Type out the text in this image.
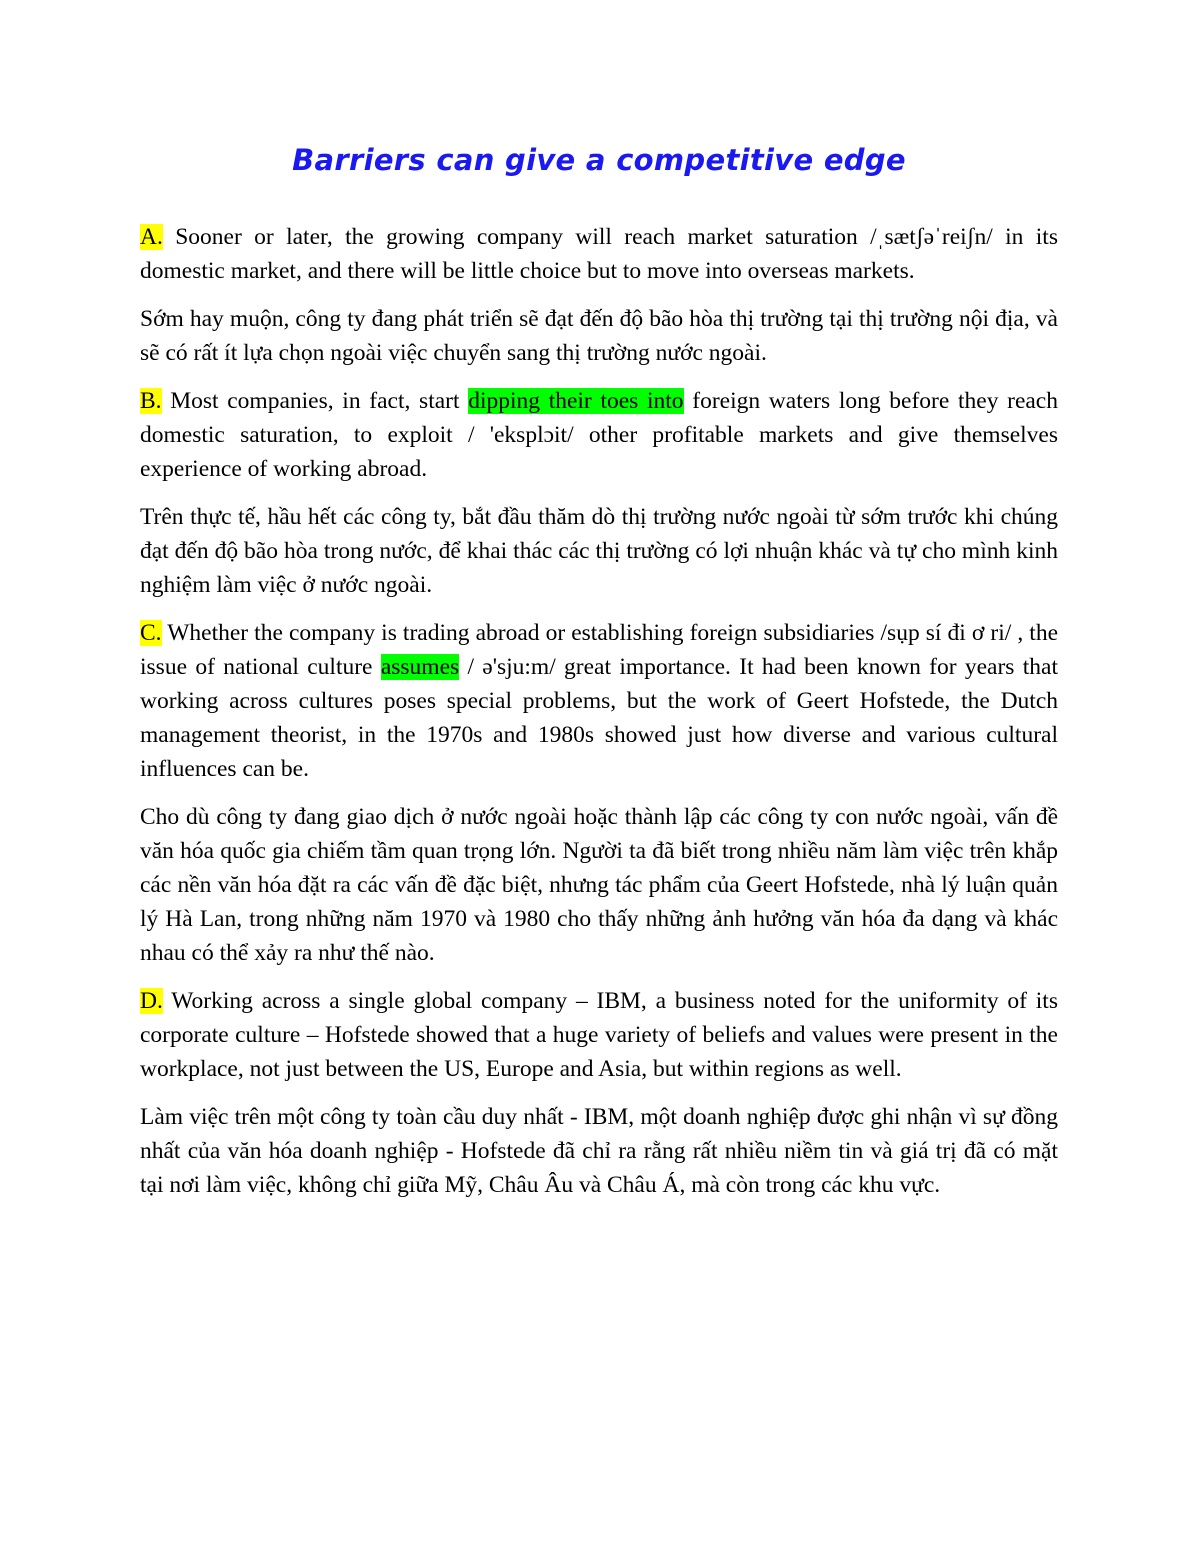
Barriers can give a competitive edge

A. Sooner or later, the growing company will reach market saturation /ˌsætʃəˈreiʃn/ in its domestic market, and there will be little choice but to move into overseas markets.

Sớm hay muộn, công ty đang phát triển sẽ đạt đến độ bão hòa thị trường tại thị trường nội địa, và sẽ có rất ít lựa chọn ngoài việc chuyển sang thị trường nước ngoài.

B. Most companies, in fact, start dipping their toes into foreign waters long before they reach domestic saturation, to exploit / 'eksplɔit/ other profitable markets and give themselves experience of working abroad.

Trên thực tế, hầu hết các công ty, bắt đầu thăm dò thị trường nước ngoài từ sớm trước khi chúng đạt đến độ bão hòa trong nước, để khai thác các thị trường có lợi nhuận khác và tự cho mình kinh nghiệm làm việc ở nước ngoài.

C. Whether the company is trading abroad or establishing foreign subsidiaries /sụp sí đi ơ ri/ , the issue of national culture assumes / ə'sju:m/ great importance. It had been known for years that working across cultures poses special problems, but the work of Geert Hofstede, the Dutch management theorist, in the 1970s and 1980s showed just how diverse and various cultural influences can be.

Cho dù công ty đang giao dịch ở nước ngoài hoặc thành lập các công ty con nước ngoài, vấn đề văn hóa quốc gia chiếm tầm quan trọng lớn. Người ta đã biết trong nhiều năm làm việc trên khắp các nền văn hóa đặt ra các vấn đề đặc biệt, nhưng tác phẩm của Geert Hofstede, nhà lý luận quản lý Hà Lan, trong những năm 1970 và 1980 cho thấy những ảnh hưởng văn hóa đa dạng và khác nhau có thể xảy ra như thế nào.

D. Working across a single global company – IBM, a business noted for the uniformity of its corporate culture – Hofstede showed that a huge variety of beliefs and values were present in the workplace, not just between the US, Europe and Asia, but within regions as well.

Làm việc trên một công ty toàn cầu duy nhất - IBM, một doanh nghiệp được ghi nhận vì sự đồng nhất của văn hóa doanh nghiệp - Hofstede đã chỉ ra rằng rất nhiều niềm tin và giá trị đã có mặt tại nơi làm việc, không chỉ giữa Mỹ, Châu Âu và Châu Á, mà còn trong các khu vực.
